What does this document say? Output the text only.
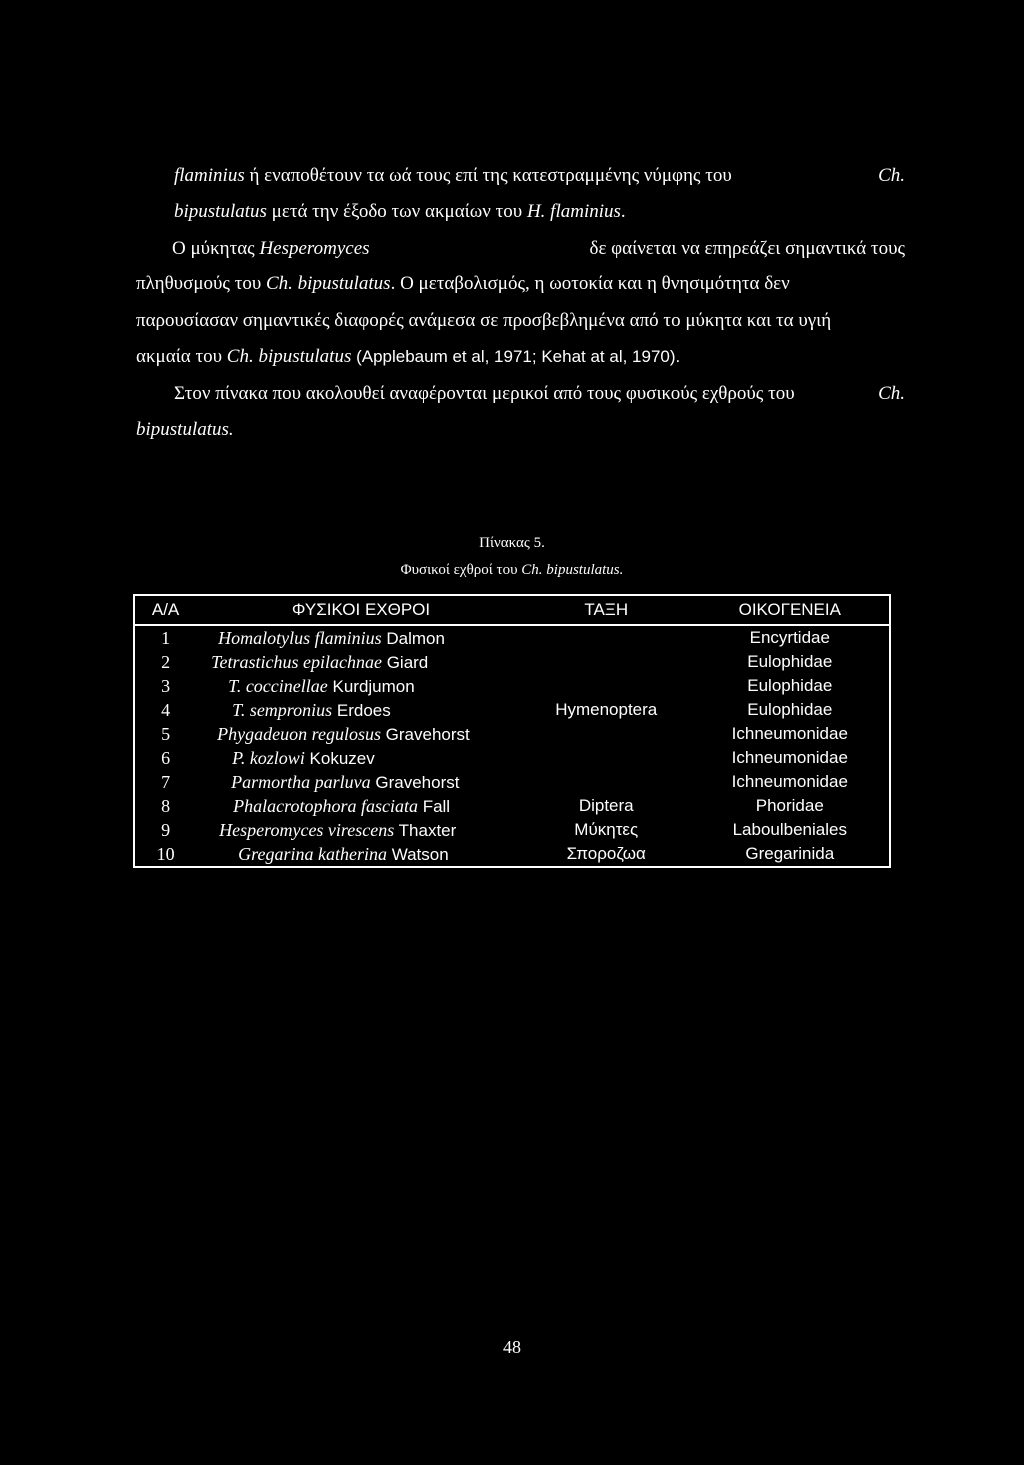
flaminius ή εναποθέτουν τα ωά τους επί της κατεστραμμένης νύμφης του	Ch.
bipustulatus μετά την έξοδο των ακμαίων του H. flaminius.
Ο μύκητας Hesperomyces	δε φαίνεται να επηρεάζει σημαντικά τους
πληθυσμούς του Ch. bipustulatus. Ο μεταβολισμός, η ωοτοκία και η θνησιμότητα δεν
παρουσίασαν σημαντικές διαφορές ανάμεσα σε προσβεβλημένα από το μύκητα και τα υγιή
ακμαία του Ch. bipustulatus (Applebaum et al, 1971; Kehat at al, 1970).
Στον πίνακα που ακολουθεί αναφέρονται μερικοί από τους φυσικούς εχθρούς του	Ch.
bipustulatus.
Πίνακας 5.
Φυσικοί εχθροί του Ch. bipustulatus.
Α/Α	ΦΥΣΙΚΟΙ ΕΧΘΡΟΙ	ΤΑΞΗ	ΟΙΚΟΓΕΝΕΙΑ
1	Homalotylus flaminius Dalmon		Encyrtidae
2	Tetrastichus epilachnae Giard		Eulophidae
3	T. coccinellae Kurdjumon		Eulophidae
4	T. sempronius Erdoes	Hymenoptera	Eulophidae
5	Phygadeuon regulosus Gravehorst		Ichneumonidae
6	P. kozlowi Kokuzev		Ichneumonidae
7	Parmortha parluva Gravehorst		Ichneumonidae
8	Phalacrotophora fasciata Fall	Diptera	Phoridae
9	Hesperomyces virescens Thaxter	Μύκητες	Laboulbeniales
10	Gregarina katherina Watson	Σποροζωα	Gregarinida
48
